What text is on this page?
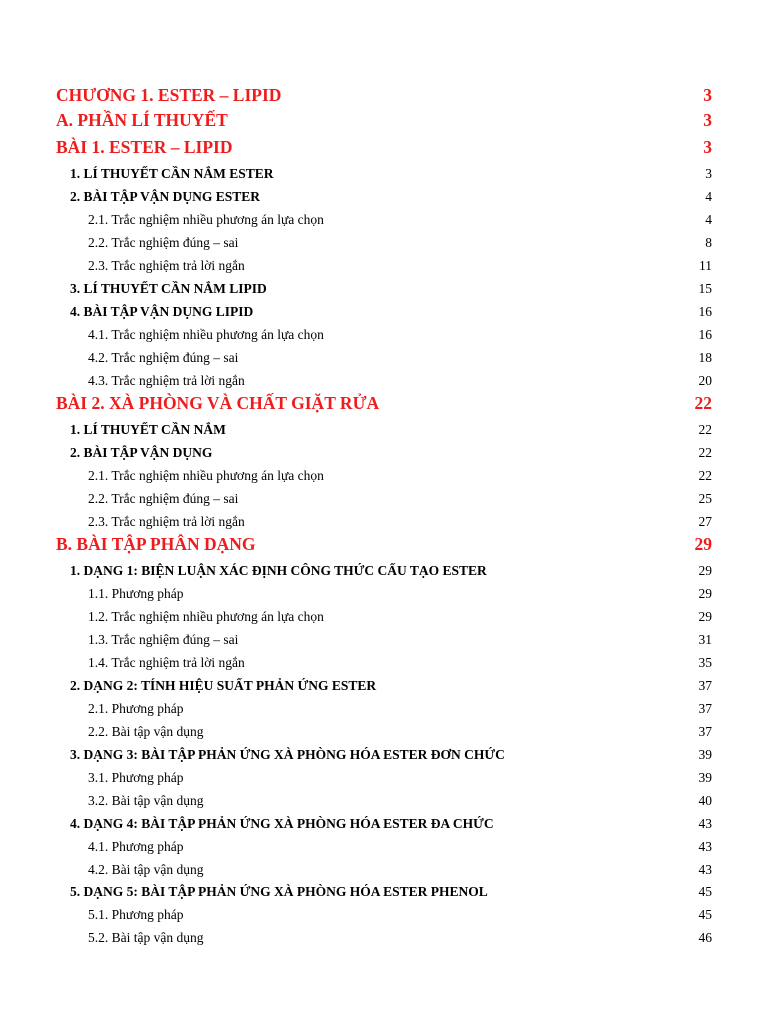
CHƯƠNG 1. ESTER – LIPID	3
A. PHẦN LÍ THUYẾT	3
BÀI 1. ESTER – LIPID	3
1. LÍ THUYẾT CẦN NẮM ESTER	3
2. BÀI TẬP VẬN DỤNG ESTER	4
2.1. Trắc nghiệm nhiều phương án lựa chọn	4
2.2. Trắc nghiệm đúng – sai	8
2.3. Trắc nghiệm trả lời ngắn	11
3. LÍ THUYẾT CẦN NẮM LIPID	15
4. BÀI TẬP VẬN DỤNG LIPID	16
4.1. Trắc nghiệm nhiều phương án lựa chọn	16
4.2. Trắc nghiệm đúng – sai	18
4.3. Trắc nghiệm trả lời ngắn	20
BÀI 2. XÀ PHÒNG VÀ CHẤT GIẶT RỬA	22
1. LÍ THUYẾT CẦN NẮM	22
2. BÀI TẬP VẬN DỤNG	22
2.1. Trắc nghiệm nhiều phương án lựa chọn	22
2.2. Trắc nghiệm đúng – sai	25
2.3. Trắc nghiệm trả lời ngắn	27
B. BÀI TẬP PHÂN DẠNG	29
1. DẠNG 1: BIỆN LUẬN XÁC ĐỊNH CÔNG THỨC CẤU TẠO ESTER	29
1.1. Phương pháp	29
1.2. Trắc nghiệm nhiều phương án lựa chọn	29
1.3. Trắc nghiệm đúng – sai	31
1.4. Trắc nghiệm trả lời ngắn	35
2. DẠNG 2: TÍNH HIỆU SUẤT PHẢN ỨNG ESTER	37
2.1. Phương pháp	37
2.2. Bài tập vận dụng	37
3. DẠNG 3: BÀI TẬP PHẢN ỨNG XÀ PHÒNG HÓA ESTER ĐƠN CHỨC	39
3.1. Phương pháp	39
3.2. Bài tập vận dụng	40
4. DẠNG 4: BÀI TẬP PHẢN ỨNG XÀ PHÒNG HÓA ESTER ĐA CHỨC	43
4.1. Phương pháp	43
4.2. Bài tập vận dụng	43
5. DẠNG 5: BÀI TẬP PHẢN ỨNG XÀ PHÒNG HÓA ESTER PHENOL	45
5.1. Phương pháp	45
5.2. Bài tập vận dụng	46
